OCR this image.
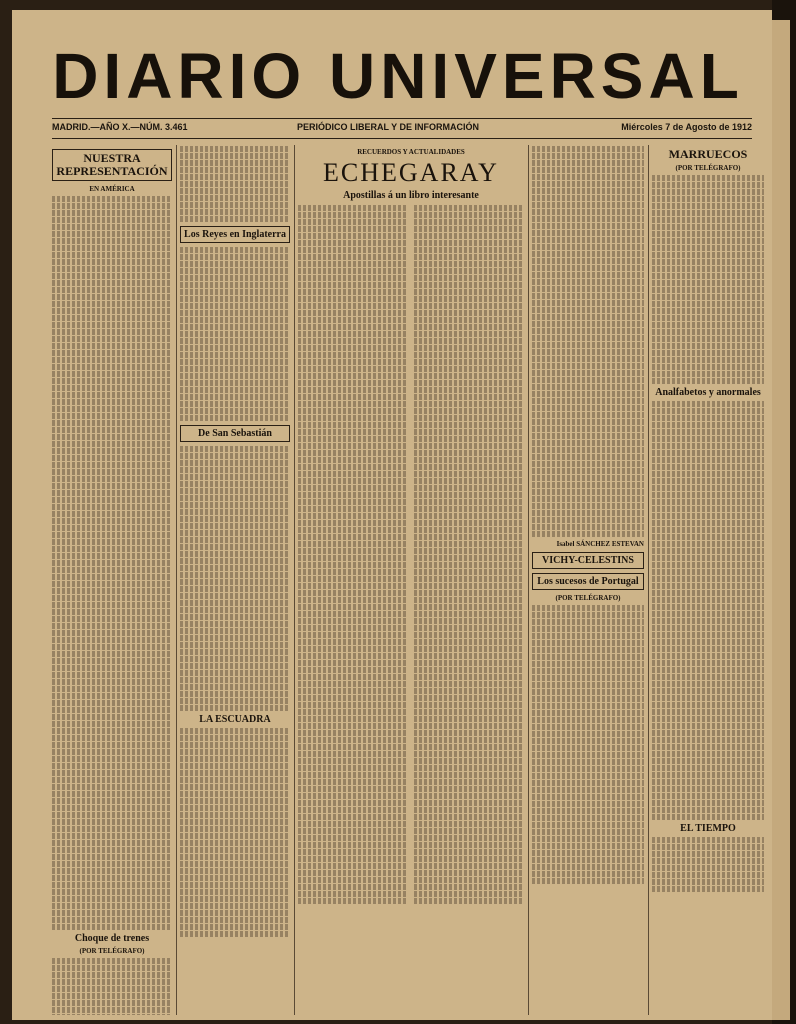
DIARIO UNIVERSAL
MADRID.—AÑO X.—NÚM. 3.461	PERIÓDICO LIBERAL Y DE INFORMACIÓN	Miércoles 7 de Agosto de 1912
NUESTRA REPRESENTACIÓN
EN AMÉRICA
Choque de trenes
(POR TELÉGRAFO)
Los Reyes en Inglaterra
De San Sebastián
LA ESCUADRA
RECUERDOS Y ACTUALIDADES
ECHEGARAY
Apostillas á un libro interesante
Isabel SÁNCHEZ ESTEVAN
VICHY-CELESTINS
Los sucesos de Portugal
(POR TELÉGRAFO)
MARRUECOS
(POR TELÉGRAFO)
Analfabetos y anormales
EL TIEMPO
